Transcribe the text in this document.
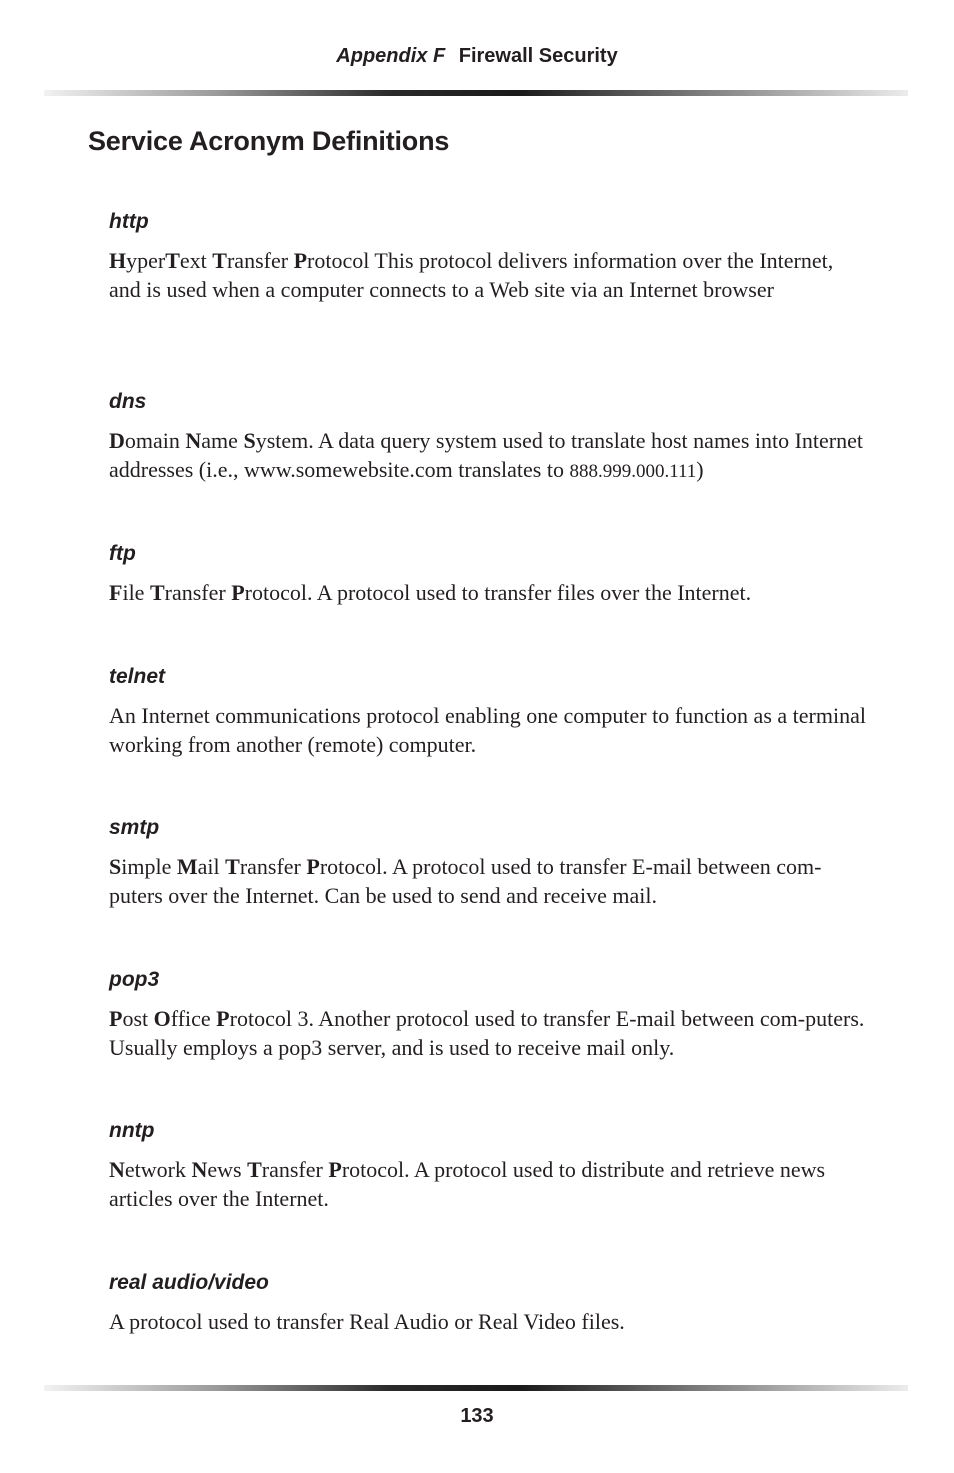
Appendix F Firewall Security
Service Acronym Definitions

http

HyperText Transfer Protocol This protocol delivers information over the Internet, and is used when a computer connects to a Web site via an Internet browser

dns

Domain Name System. A data query system used to translate host names into Internet addresses (i.e., www.somewebsite.com translates to 888.999.000.111)

ftp

File Transfer Protocol. A protocol used to transfer files over the Internet.

telnet

An Internet communications protocol enabling one computer to function as a terminal working from another (remote) computer.

smtp

Simple Mail Transfer Protocol. A protocol used to transfer E-mail between com-puters over the Internet. Can be used to send and receive mail.

pop3

Post Office Protocol 3. Another protocol used to transfer E-mail between com-puters. Usually employs a pop3 server, and is used to receive mail only.

nntp

Network News Transfer Protocol. A protocol used to distribute and retrieve news articles over the Internet.

real audio/video

A protocol used to transfer Real Audio or Real Video files.

133
